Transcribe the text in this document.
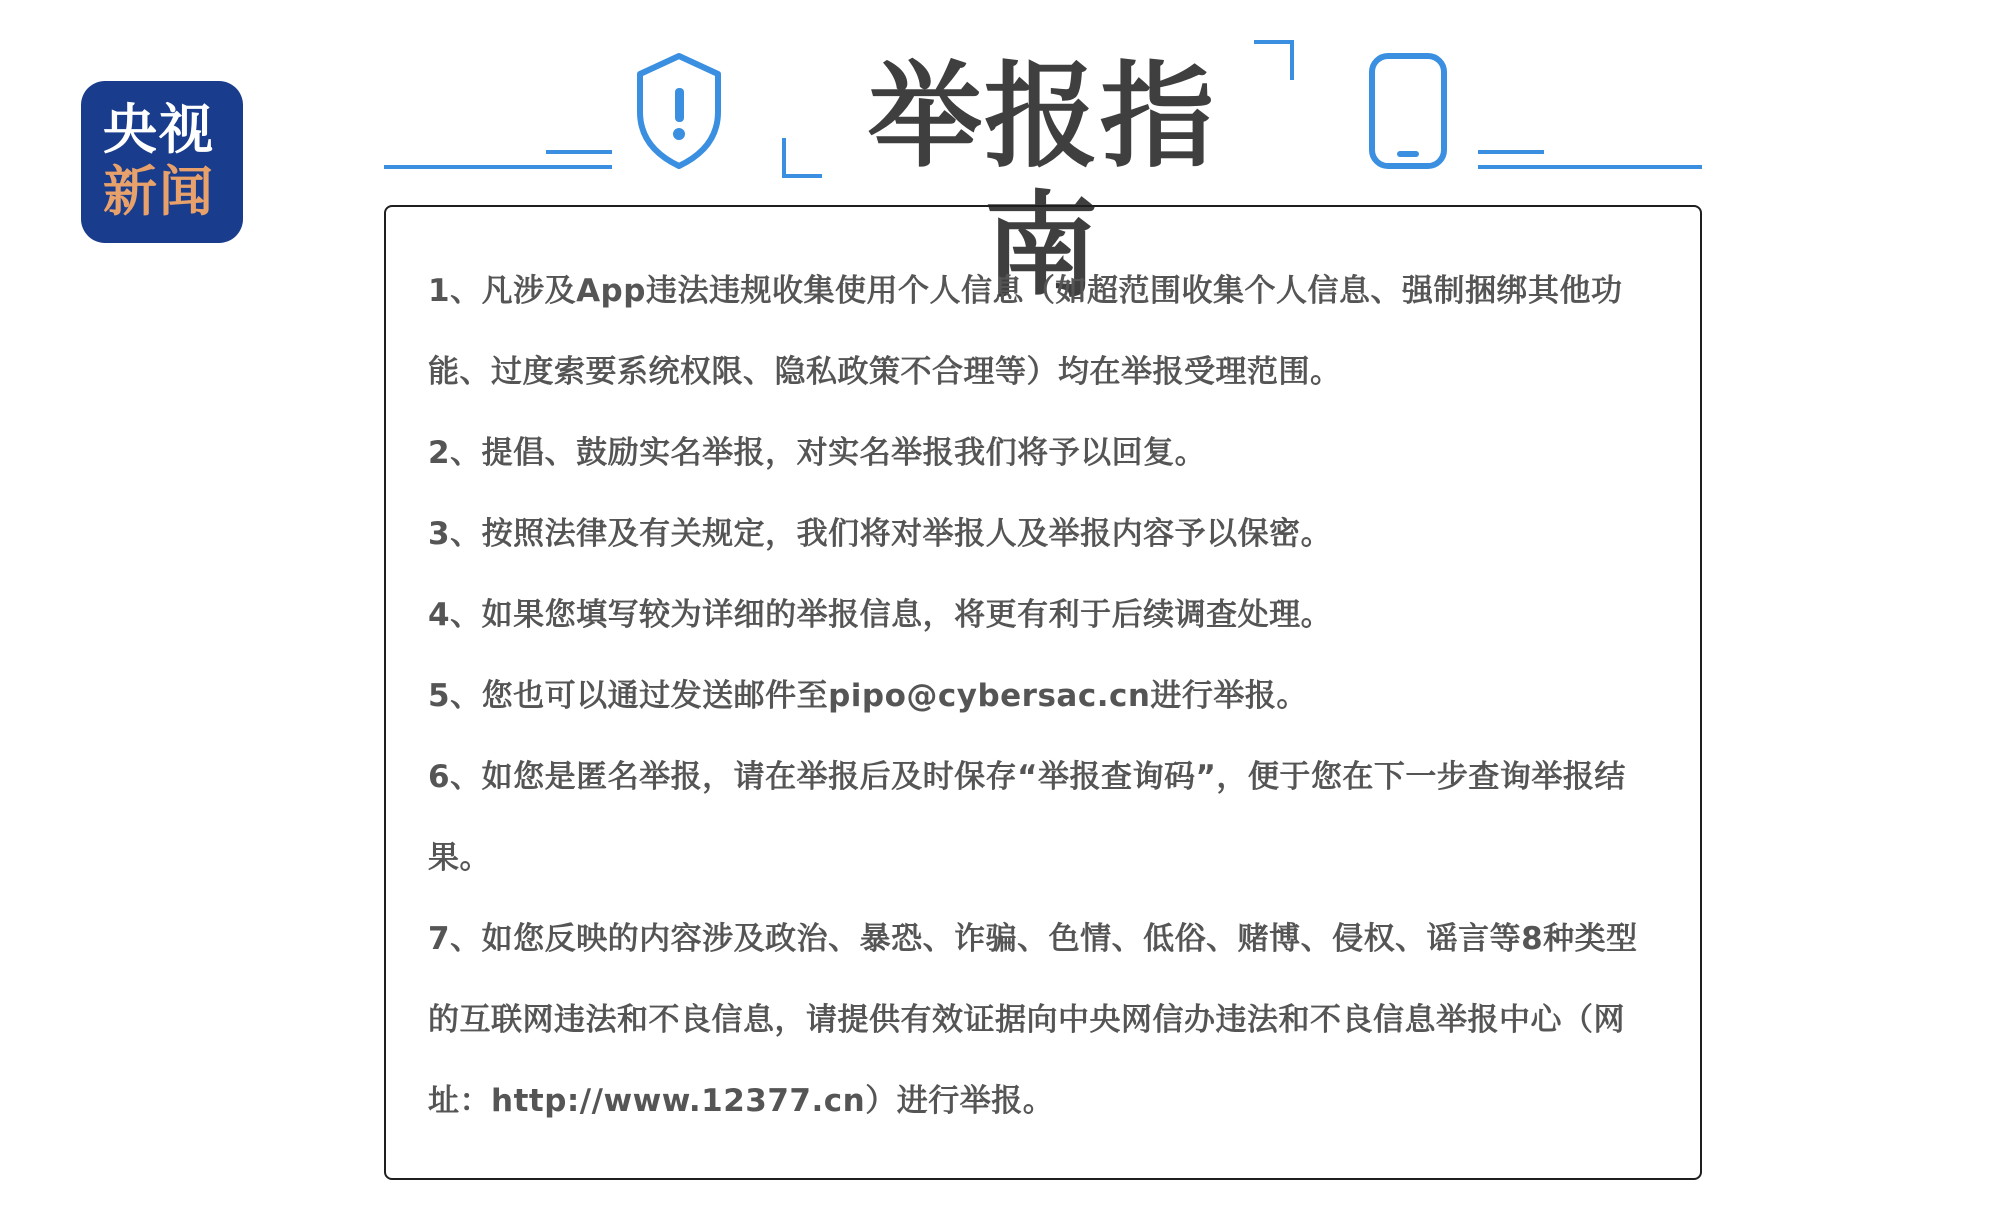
央视
新闻
举报指南
1、凡涉及App违法违规收集使用个人信息（如超范围收集个人信息、强制捆绑其他功能、过度索要系统权限、隐私政策不合理等）均在举报受理范围。
2、提倡、鼓励实名举报，对实名举报我们将予以回复。
3、按照法律及有关规定，我们将对举报人及举报内容予以保密。
4、如果您填写较为详细的举报信息，将更有利于后续调查处理。
5、您也可以通过发送邮件至pipo@cybersac.cn进行举报。
6、如您是匿名举报，请在举报后及时保存“举报查询码”，便于您在下一步查询举报结果。
7、如您反映的内容涉及政治、暴恐、诈骗、色情、低俗、赌博、侵权、谣言等8种类型的互联网违法和不良信息，请提供有效证据向中央网信办违法和不良信息举报中心（网址：http://www.12377.cn）进行举报。
